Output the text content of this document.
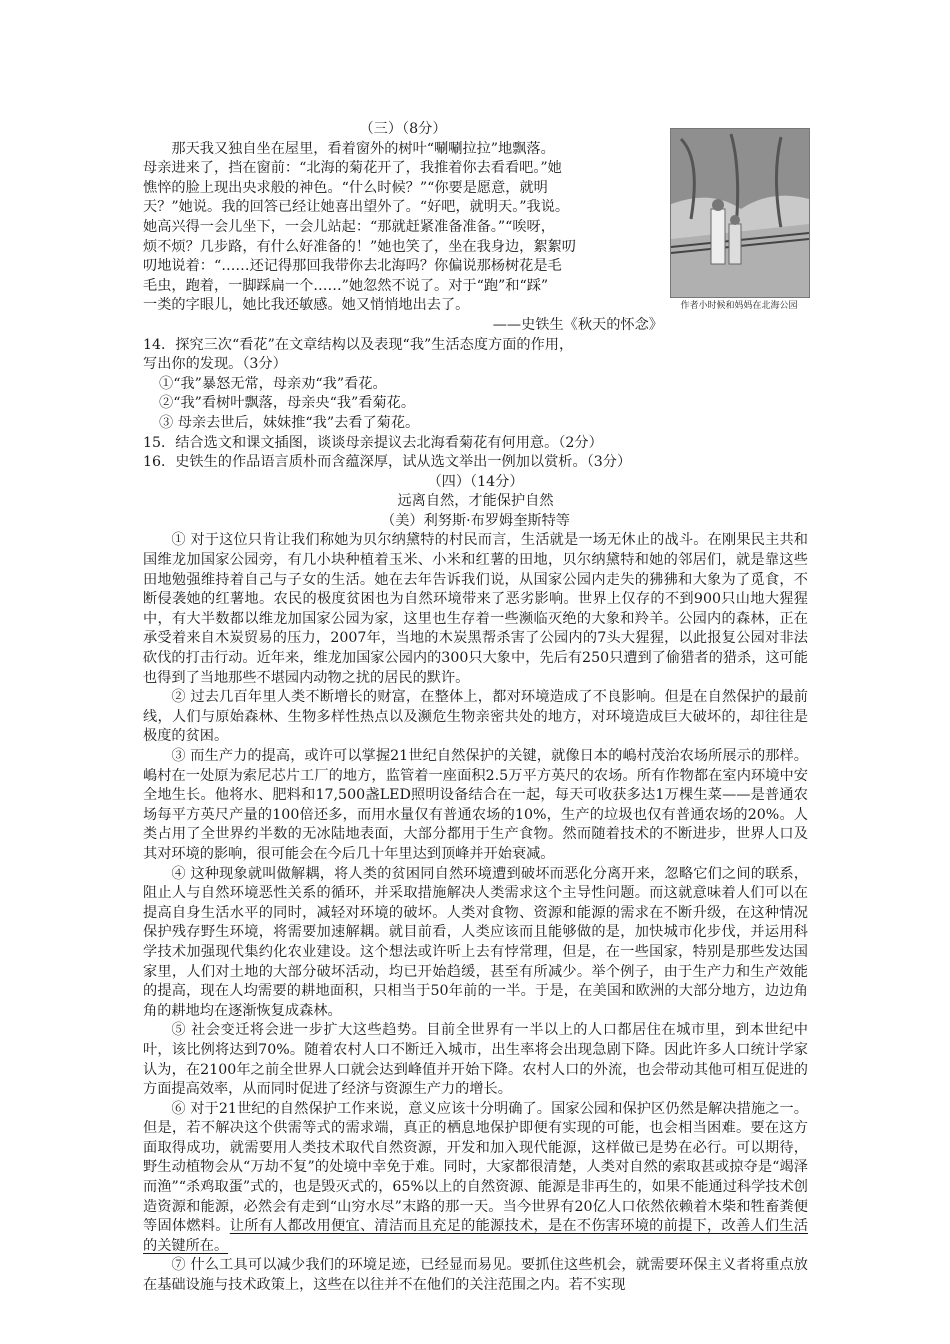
（三）（8分）

那天我又独自坐在屋里，看着窗外的树叶“唰唰拉拉”地飘落。

母亲进来了，挡在窗前：“北海的菊花开了，我推着你去看看吧。”她

憔悴的脸上现出央求般的神色。“什么时候？”“你要是愿意，就明

天？”她说。我的回答已经让她喜出望外了。“好吧，就明天。”我说。

她高兴得一会儿坐下，一会儿站起：“那就赶紧准备准备。”“唉呀，

烦不烦？几步路，有什么好准备的！”她也笑了，坐在我身边，絮絮叨

叨地说着：“……还记得那回我带你去北海吗？你偏说那杨树花是毛

毛虫，跑着，一脚踩扁一个……”她忽然不说了。对于“跑”和“踩”

一类的字眼儿，她比我还敏感。她又悄悄地出去了。

——史铁生《秋天的怀念》

作者小时候和妈妈在北海公园

14．探究三次“看花”在文章结构以及表现“我”生活态度方面的作用，

写出你的发现。（3分）

①“我”暴怒无常，母亲劝“我”看花。

②“我”看树叶飘落，母亲央“我”看菊花。

③ 母亲去世后，妹妹推“我”去看了菊花。

15．结合选文和课文插图，谈谈母亲提议去北海看菊花有何用意。（2分）

16．史铁生的作品语言质朴而含蕴深厚，试从选文举出一例加以赏析。（3分）

（四）（14分）

远离自然，才能保护自然

（美）利努斯·布罗姆奎斯特等

① 对于这位只肯让我们称她为贝尔纳黛特的村民而言，生活就是一场无休止的战斗。在刚果民主共和国维龙加国家公园旁，有几小块种植着玉米、小米和红薯的田地，贝尔纳黛特和她的邻居们，就是靠这些田地勉强维持着自己与子女的生活。她在去年告诉我们说，从国家公园内走失的狒狒和大象为了觅食，不断侵袭她的红薯地。农民的极度贫困也为自然环境带来了恶劣影响。世界上仅存的不到900只山地大猩猩中，有大半数都以维龙加国家公园为家，这里也生存着一些濒临灭绝的大象和羚羊。公园内的森林，正在承受着来自木炭贸易的压力，2007年，当地的木炭黑帮杀害了公园内的7头大猩猩，以此报复公园对非法砍伐的打击行动。近年来，维龙加国家公园内的300只大象中，先后有250只遭到了偷猎者的猎杀，这可能也得到了当地那些不堪园内动物之扰的居民的默许。

② 过去几百年里人类不断增长的财富，在整体上，都对环境造成了不良影响。但是在自然保护的最前线，人们与原始森林、生物多样性热点以及濒危生物亲密共处的地方，对环境造成巨大破坏的，却往往是极度的贫困。

③ 而生产力的提高，或许可以掌握21世纪自然保护的关键，就像日本的嶋村茂治农场所展示的那样。嶋村在一处原为索尼芯片工厂的地方，监管着一座面积2.5万平方英尺的农场。所有作物都在室内环境中安全地生长。他将水、肥料和17,500盏LED照明设备结合在一起，每天可收获多达1万棵生菜——是普通农场每平方英尺产量的100倍还多，而用水量仅有普通农场的10%，生产的垃圾也仅有普通农场的20%。人类占用了全世界约半数的无冰陆地表面，大部分都用于生产食物。然而随着技术的不断进步，世界人口及其对环境的影响，很可能会在今后几十年里达到顶峰并开始衰减。

④ 这种现象就叫做解耦，将人类的贫困同自然环境遭到破坏而恶化分离开来，忽略它们之间的联系，阻止人与自然环境恶性关系的循环，并采取措施解决人类需求这个主导性问题。而这就意味着人们可以在提高自身生活水平的同时，减轻对环境的破坏。人类对食物、资源和能源的需求在不断升级，在这种情况保护残存野生环境，将需要加速解耦。就目前看，人类应该而且能够做的是，加快城市化步伐，并运用科学技术加强现代集约化农业建设。这个想法或许听上去有悖常理，但是，在一些国家，特别是那些发达国家里，人们对土地的大部分破坏活动，均已开始趋缓，甚至有所减少。举个例子，由于生产力和生产效能的提高，现在人均需要的耕地面积，只相当于50年前的一半。于是，在美国和欧洲的大部分地方，边边角角的耕地均在逐渐恢复成森林。

⑤ 社会变迁将会进一步扩大这些趋势。目前全世界有一半以上的人口都居住在城市里，到本世纪中叶，该比例将达到70%。随着农村人口不断迁入城市，出生率将会出现急剧下降。因此许多人口统计学家认为，在2100年之前全世界人口就会达到峰值并开始下降。农村人口的外流，也会带动其他可相互促进的方面提高效率，从而同时促进了经济与资源生产力的增长。

⑥ 对于21世纪的自然保护工作来说，意义应该十分明确了。国家公园和保护区仍然是解决措施之一。但是，若不解决这个供需等式的需求端，真正的栖息地保护即便有实现的可能，也会相当困难。要在这方面取得成功，就需要用人类技术取代自然资源，开发和加入现代能源，这样做已是势在必行。可以期待，野生动植物会从“万劫不复”的处境中幸免于难。同时，大家都很清楚，人类对自然的索取甚或掠夺是“竭泽而渔”“杀鸡取蛋”式的，也是毁灭式的，65%以上的自然资源、能源是非再生的，如果不能通过科学技术创造资源和能源，必然会有走到“山穷水尽”末路的那一天。当今世界有20亿人口依然依赖着木柴和牲畜粪便等固体燃料。让所有人都改用便宜、清洁而且充足的能源技术，是在不伤害环境的前提下，改善人们生活的关键所在。

⑦ 什么工具可以减少我们的环境足迹，已经显而易见。要抓住这些机会，就需要环保主义者将重点放在基础设施与技术政策上，这些在以往并不在他们的关注范围之内。若不实现
